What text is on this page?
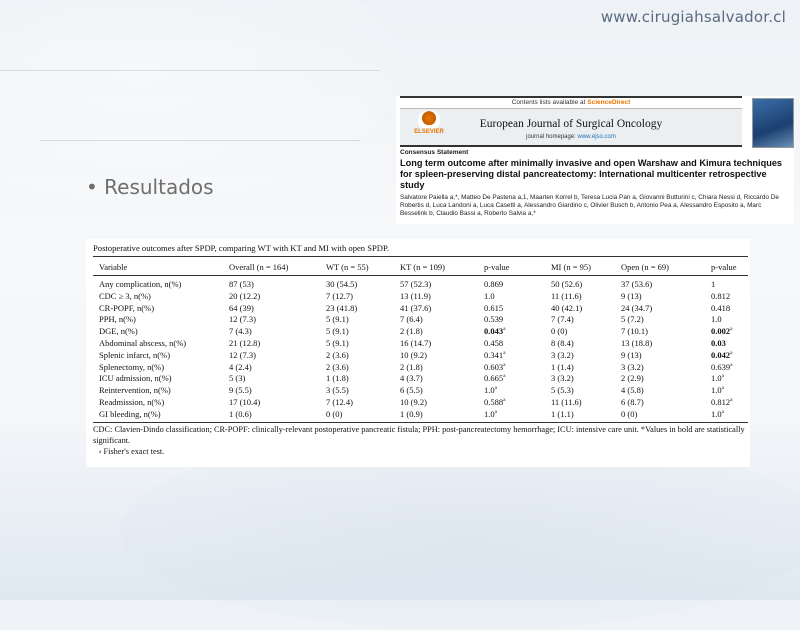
www.cirugiahsalvador.cl
• Resultados
Contents lists available at ScienceDirect
ELSEVIER
European Journal of Surgical Oncology
journal homepage: www.ejso.com
Consensus Statement
Long term outcome after minimally invasive and open Warshaw and Kimura techniques for spleen-preserving distal pancreatectomy: International multicenter retrospective study
Salvatore Paiella a,*, Matteo De Pastena a,1, Maarten Korrel b, Teresa Lucia Pan a, Giovanni Butturini c, Chiara Nessi d, Riccardo De Robertis d, Luca Landoni a, Luca Casetti a, Alessandro Giardino c, Olivier Busch b, Antonio Pea a, Alessandro Esposito a, Marc Besselink b, Claudio Bassi a, Roberto Salvia a,*
Postoperative outcomes after SPDP, comparing WT with KT and MI with open SPDP.
Variable	Overall (n = 164)	WT (n = 55)	KT (n = 109)	p-value	MI (n = 95)	Open (n = 69)	p-value
Any complication, n(%)	87 (53)	30 (54.5)	57 (52.3)	0.869	50 (52.6)	37 (53.6)	1
CDC ≥ 3, n(%)	20 (12.2)	7 (12.7)	13 (11.9)	1.0	11 (11.6)	9 (13)	0.812
CR-POPF, n(%)	64 (39)	23 (41.8)	41 (37.6)	0.615	40 (42.1)	24 (34.7)	0.418
PPH, n(%)	12 (7.3)	5 (9.1)	7 (6.4)	0.539	7 (7.4)	5 (7.2)	1.0
DGE, n(%)	7 (4.3)	5 (9.1)	2 (1.8)	0.043$^a$	0 (0)	7 (10.1)	0.002$^a$
Abdominal abscess, n(%)	21 (12.8)	5 (9.1)	16 (14.7)	0.458	8 (8.4)	13 (18.8)	0.03
Splenic infarct, n(%)	12 (7.3)	2 (3.6)	10 (9.2)	0.341$^a$	3 (3.2)	9 (13)	0.042$^a$
Splenectomy, n(%)	4 (2.4)	2 (3.6)	2 (1.8)	0.603$^a$	1 (1.4)	3 (3.2)	0.639$^a$
ICU admission, n(%)	5 (3)	1 (1.8)	4 (3.7)	0.665$^a$	3 (3.2)	2 (2.9)	1.0$^a$
Reintervention, n(%)	9 (5.5)	3 (5.5)	6 (5.5)	1.0$^a$	5 (5.3)	4 (5.8)	1.0$^a$
Readmission, n(%)	17 (10.4)	7 (12.4)	10 (9.2)	0.588$^a$	11 (11.6)	6 (8.7)	0.812$^a$
GI bleeding, n(%)	1 (0.6)	0 (0)	1 (0.9)	1.0$^a$	1 (1.1)	0 (0)	1.0$^a$
CDC: Clavien-Dindo classification; CR-POPF: clinically-relevant postoperative pancreatic fistula; PPH: post-pancreatectomy hemorrhage; ICU: intensive care unit. *Values in bold are statistically significant.
$^a$ Fisher's exact test.
